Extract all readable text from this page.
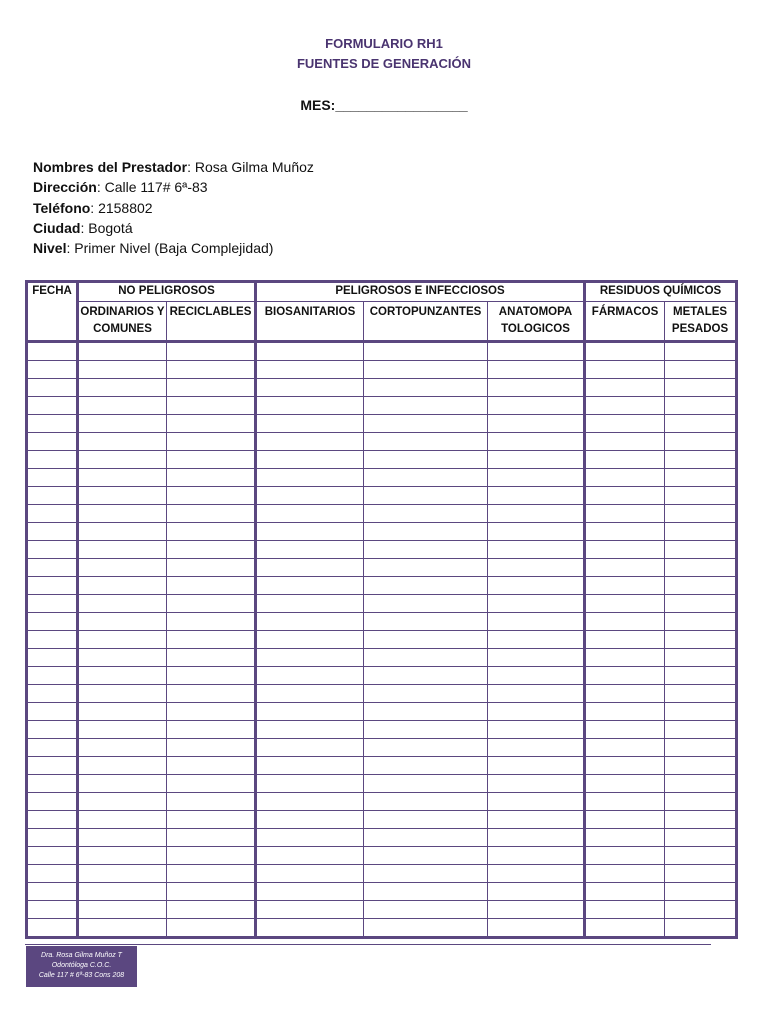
FORMULARIO RH1
FUENTES DE GENERACIÓN
MES:_________________
Nombres del Prestador: Rosa Gilma Muñoz
Dirección: Calle 117# 6ª-83
Teléfono: 2158802
Ciudad: Bogotá
Nivel: Primer Nivel (Baja Complejidad)
FECHA	NO PELIGROSOS		PELIGROSOS E INFECCIOSOS			RESIDUOS QUÍMICOS	
	ORDINARIOS Y COMUNES	RECICLABLES	BIOSANITARIOS	CORTOPUNZANTES	ANATOMOPA TOLOGICOS	FÁRMACOS	METALES PESADOS

Dra. Rosa Gilma Muñoz T
Odontóloga C.O.C.
Calle 117 # 6ª-83 Cons 208
